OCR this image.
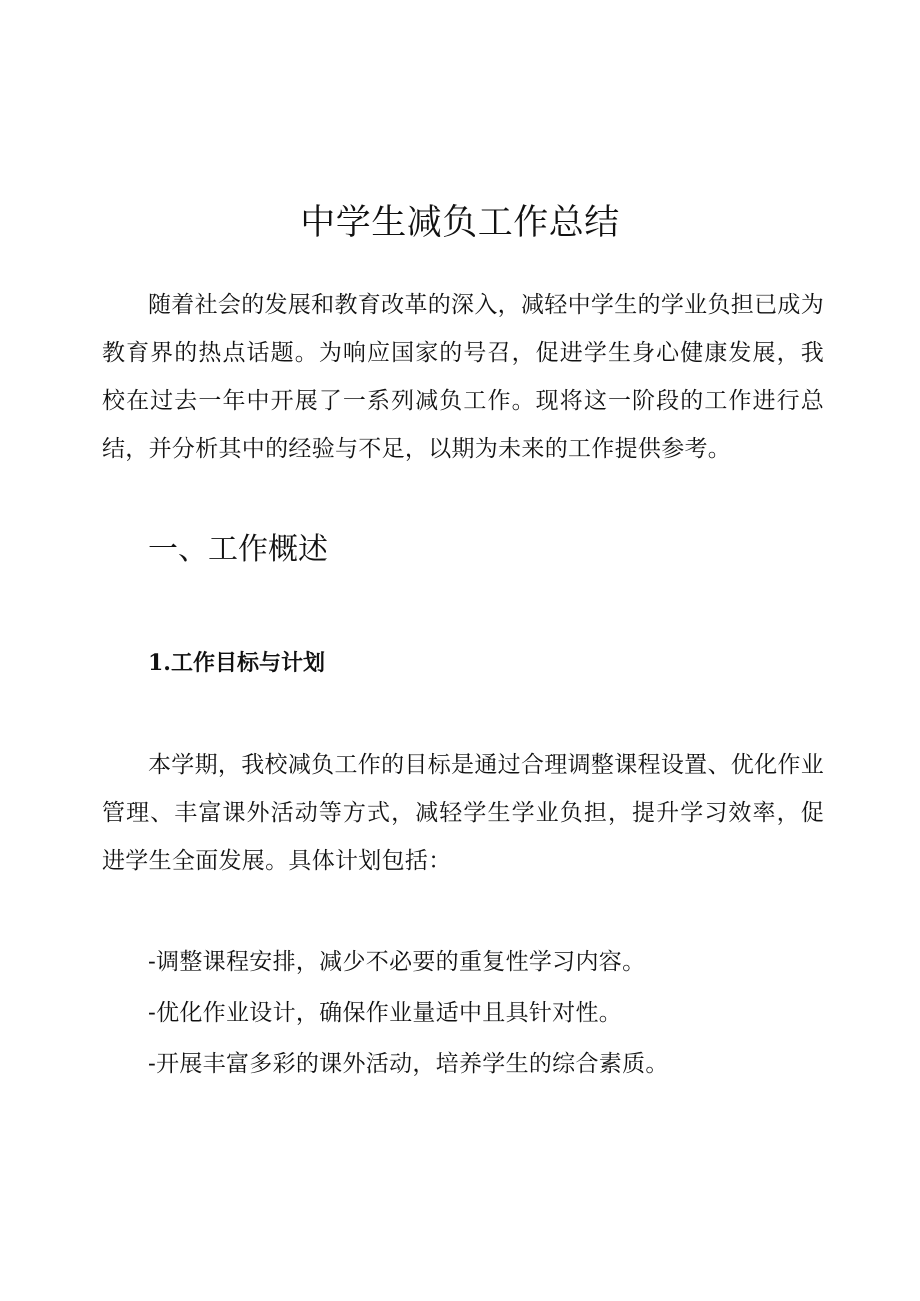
中学生减负工作总结

随着社会的发展和教育改革的深入，减轻中学生的学业负担已成为教育界的热点话题。为响应国家的号召，促进学生身心健康发展，我校在过去一年中开展了一系列减负工作。现将这一阶段的工作进行总结，并分析其中的经验与不足，以期为未来的工作提供参考。

一、工作概述
1.工作目标与计划

本学期，我校减负工作的目标是通过合理调整课程设置、优化作业管理、丰富课外活动等方式，减轻学生学业负担，提升学习效率，促进学生全面发展。具体计划包括：

-调整课程安排，减少不必要的重复性学习内容。
-优化作业设计，确保作业量适中且具针对性。
-开展丰富多彩的课外活动，培养学生的综合素质。
